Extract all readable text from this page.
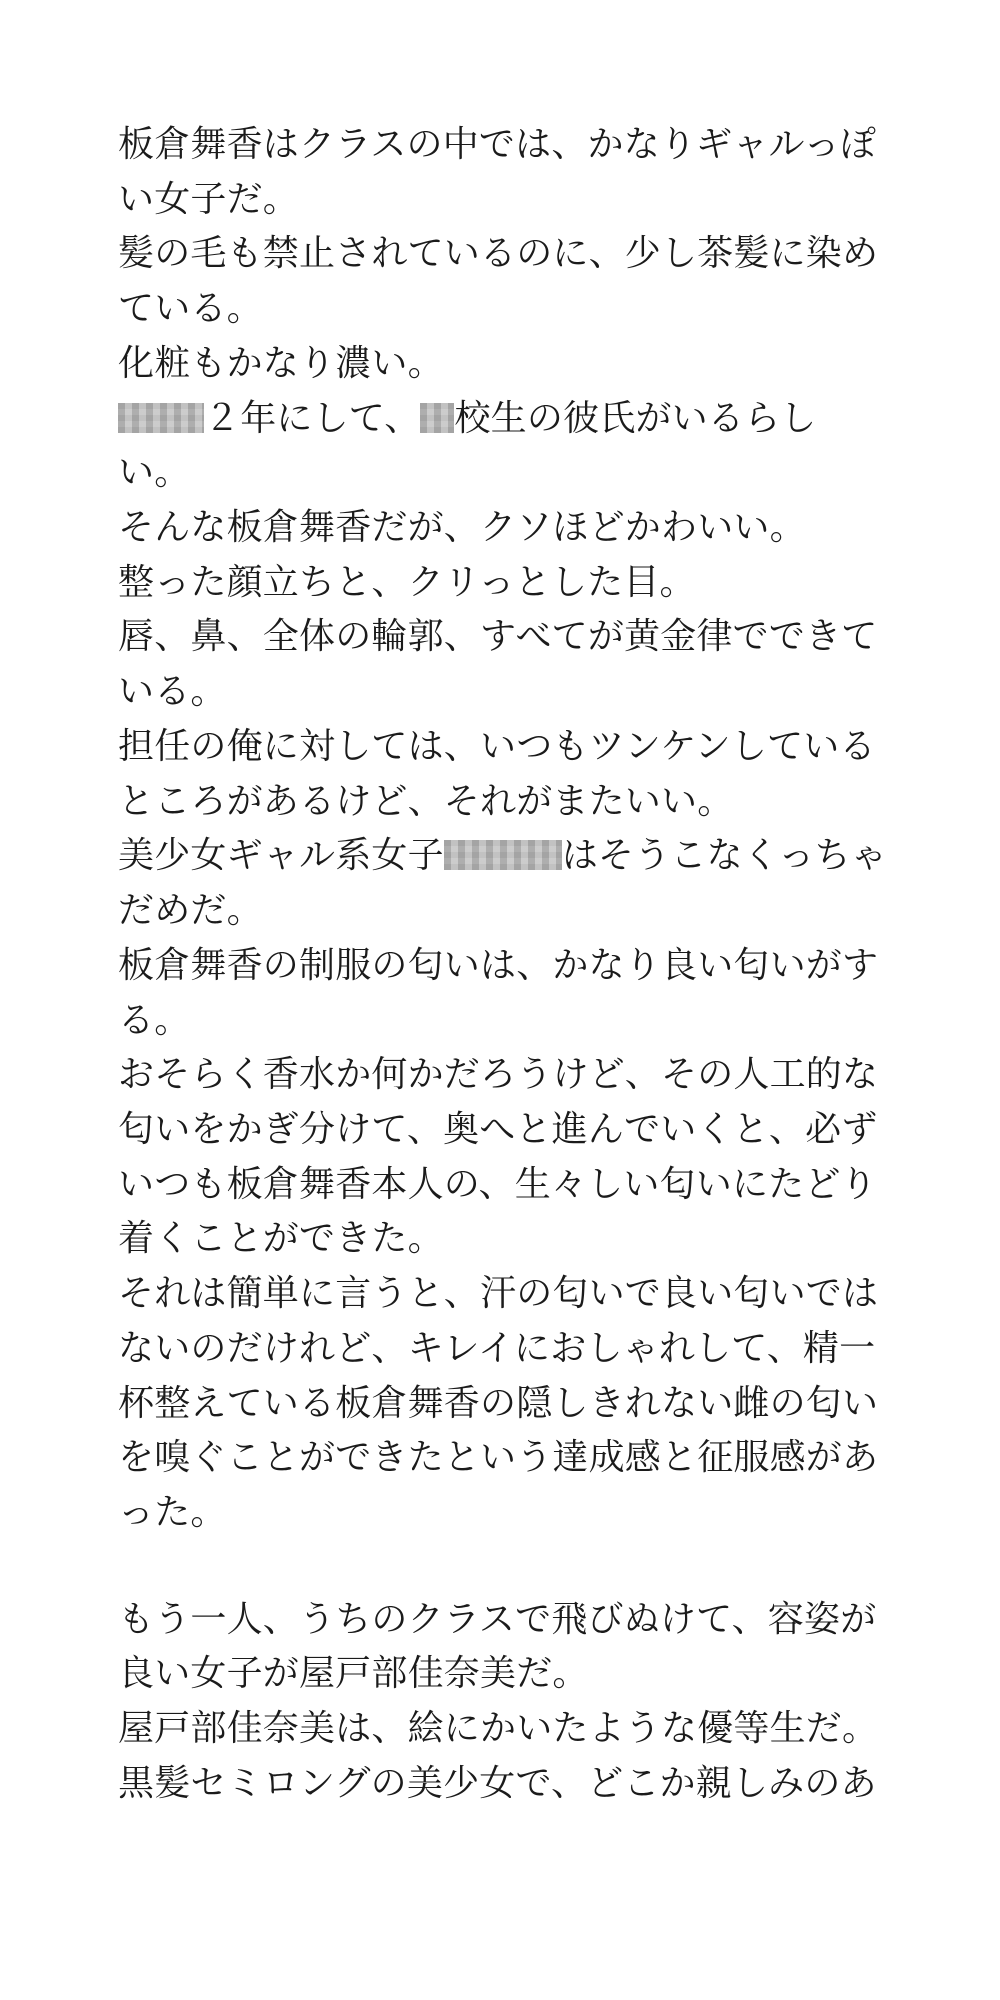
板倉舞香はクラスの中では、かなりギャルっぽい女子だ。

髪の毛も禁止されているのに、少し茶髪に染めている。

化粧もかなり濃い。

２年にして、 校生の彼氏がいるらしい。

そんな板倉舞香だが、クソほどかわいい。

整った顔立ちと、クリっとした目。

唇、鼻、全体の輪郭、すべてが黄金律でできている。

担任の俺に対しては、いつもツンケンしているところがあるけど、それがまたいい。

美少女ギャル系女子	はそうこなくっちゃだめだ。

板倉舞香の制服の匂いは、かなり良い匂いがする。

おそらく香水か何かだろうけど、その人工的な匂いをかぎ分けて、奥へと進んでいくと、必ずいつも板倉舞香本人の、生々しい匂いにたどり着くことができた。

それは簡単に言うと、汗の匂いで良い匂いではないのだけれど、キレイにおしゃれして、精一杯整えている板倉舞香の隠しきれない雌の匂いを嗅ぐことができたという達成感と征服感があった。

もう一人、うちのクラスで飛びぬけて、容姿が良い女子が屋戸部佳奈美だ。

屋戸部佳奈美は、絵にかいたような優等生だ。

黒髪セミロングの美少女で、どこか親しみのあ
